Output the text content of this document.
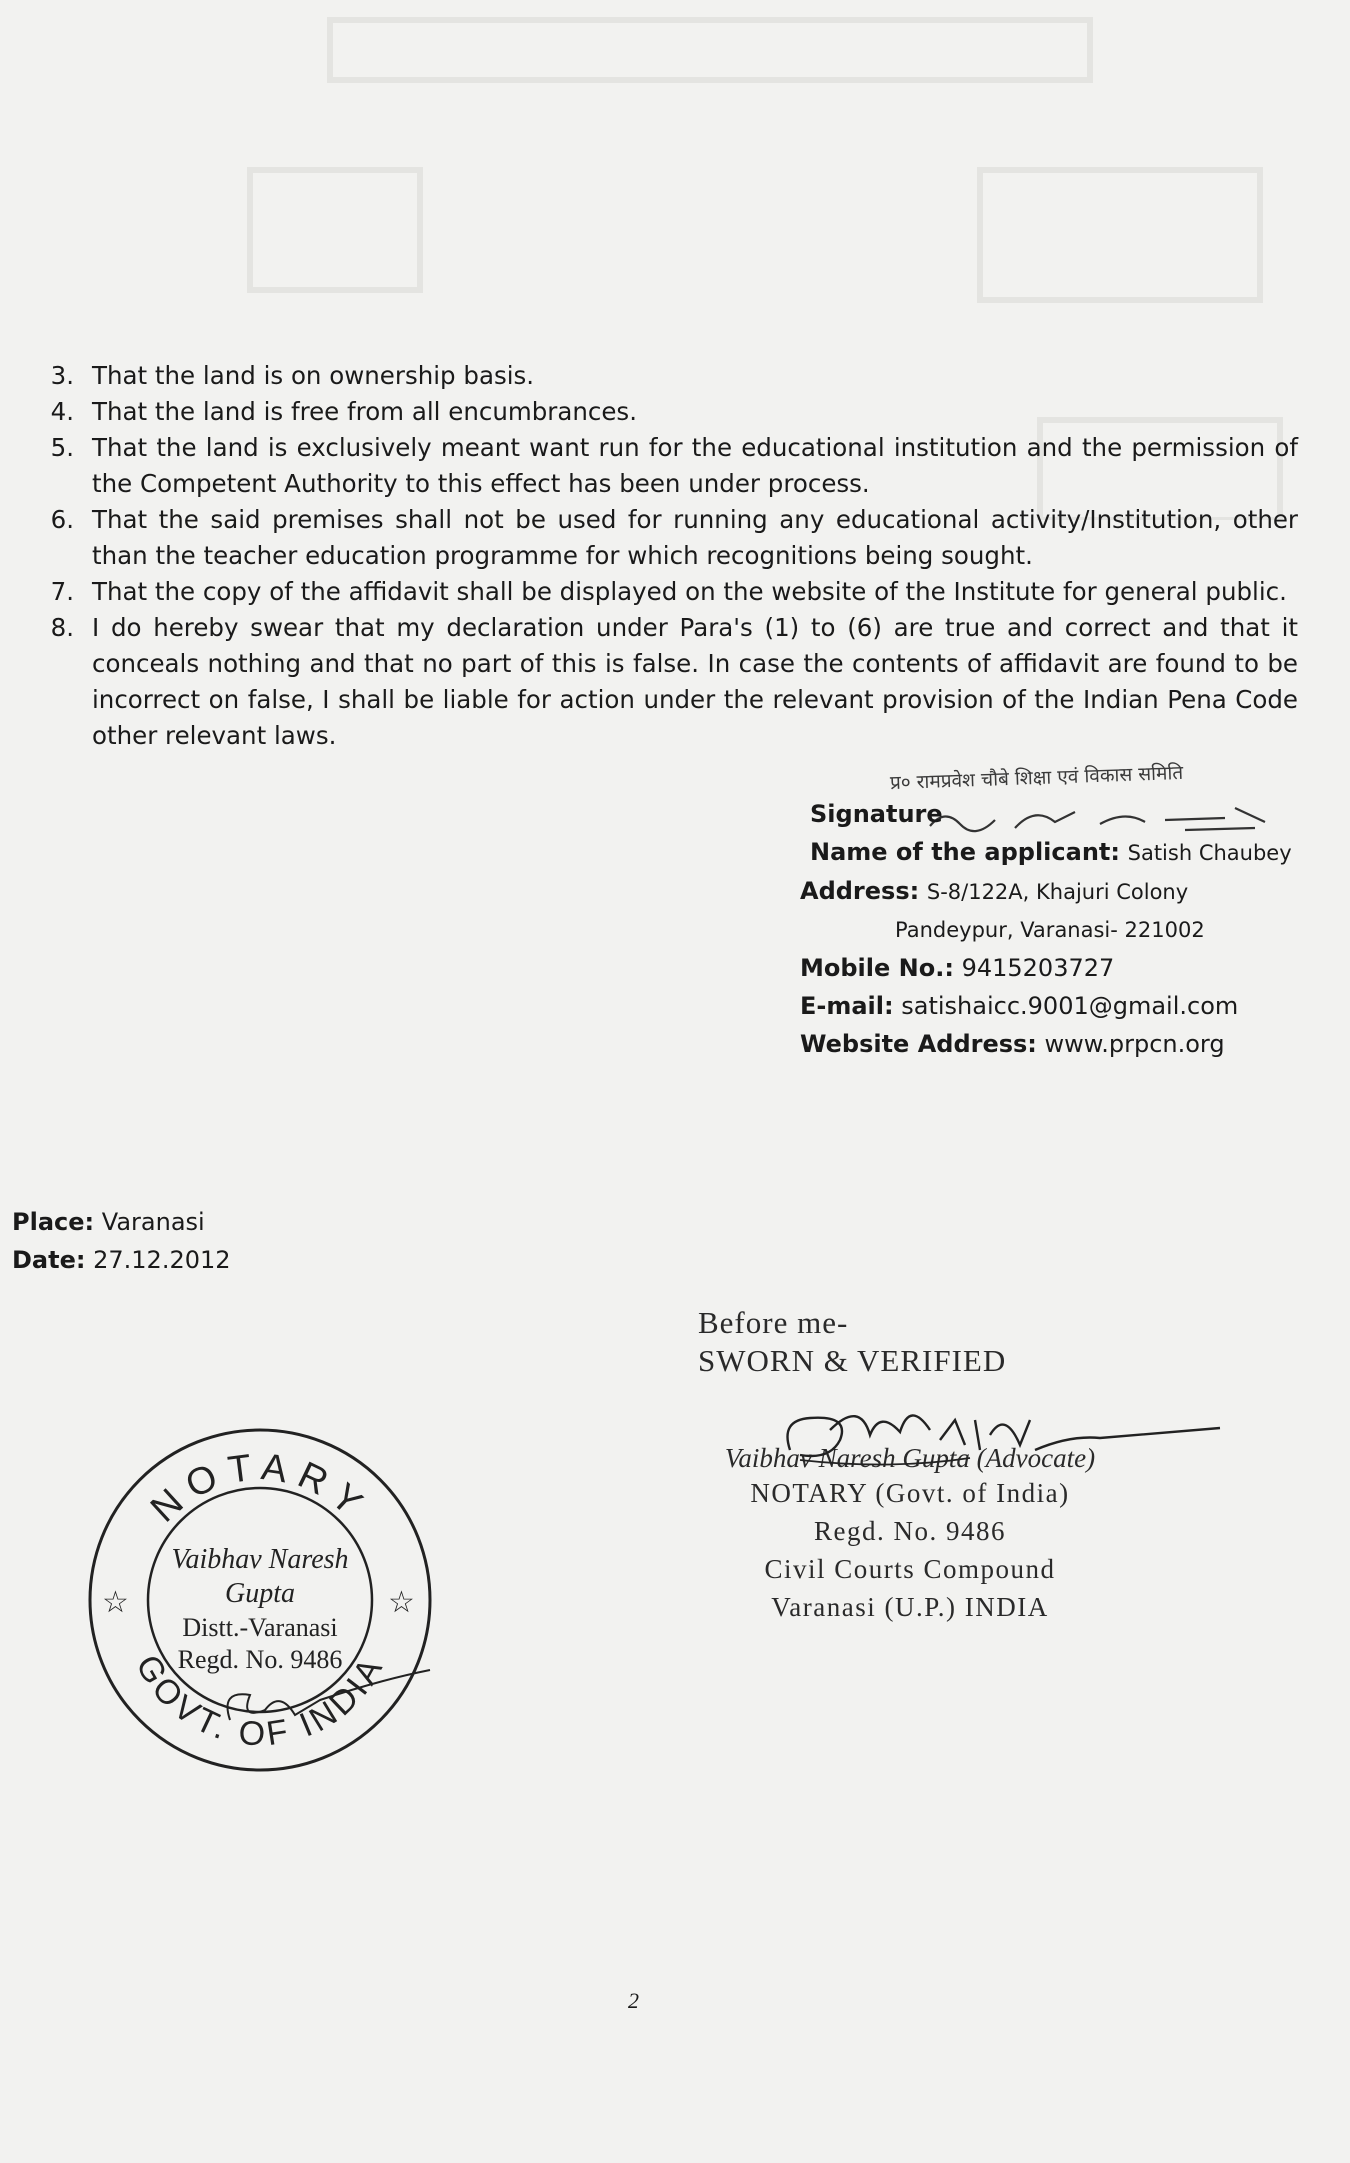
3. That the land is on ownership basis.
4. That the land is free from all encumbrances.
5. That the land is exclusively meant want run for the educational institution and the permission of the Competent Authority to this effect has been under process.
6. That the said premises shall not be used for running any educational activity/Institution, other than the teacher education programme for which recognitions being sought.
7. That the copy of the affidavit shall be displayed on the website of the Institute for general public.
8. I do hereby swear that my declaration under Para's (1) to (6) are true and correct and that it conceals nothing and that no part of this is false. In case the contents of affidavit are found to be incorrect on false, I shall be liable for action under the relevant provision of the Indian Pena Code other relevant laws.
प्र० रामप्रवेश चौबे शिक्षा एवं विकास समिति
Signature
Name of the applicant: Satish Chaubey
Address: S-8/122A, Khajuri Colony
Pandeypur, Varanasi- 221002
Mobile No.: 9415203727
E-mail: satishaicc.9001@gmail.com
Website Address: www.prpcn.org
Place: Varanasi
Date: 27.12.2012
Before me-
SWORN & VERIFIED
Vaibhav Naresh Gupta (Advocate)
NOTARY (Govt. of India)
Regd. No. 9486
Civil Courts Compound
Varanasi (U.P.) INDIA
NOTARY
GOVT. OF INDIA
☆	☆
Vaibhav Naresh
Gupta
Distt.-Varanasi
Regd. No. 9486
2
